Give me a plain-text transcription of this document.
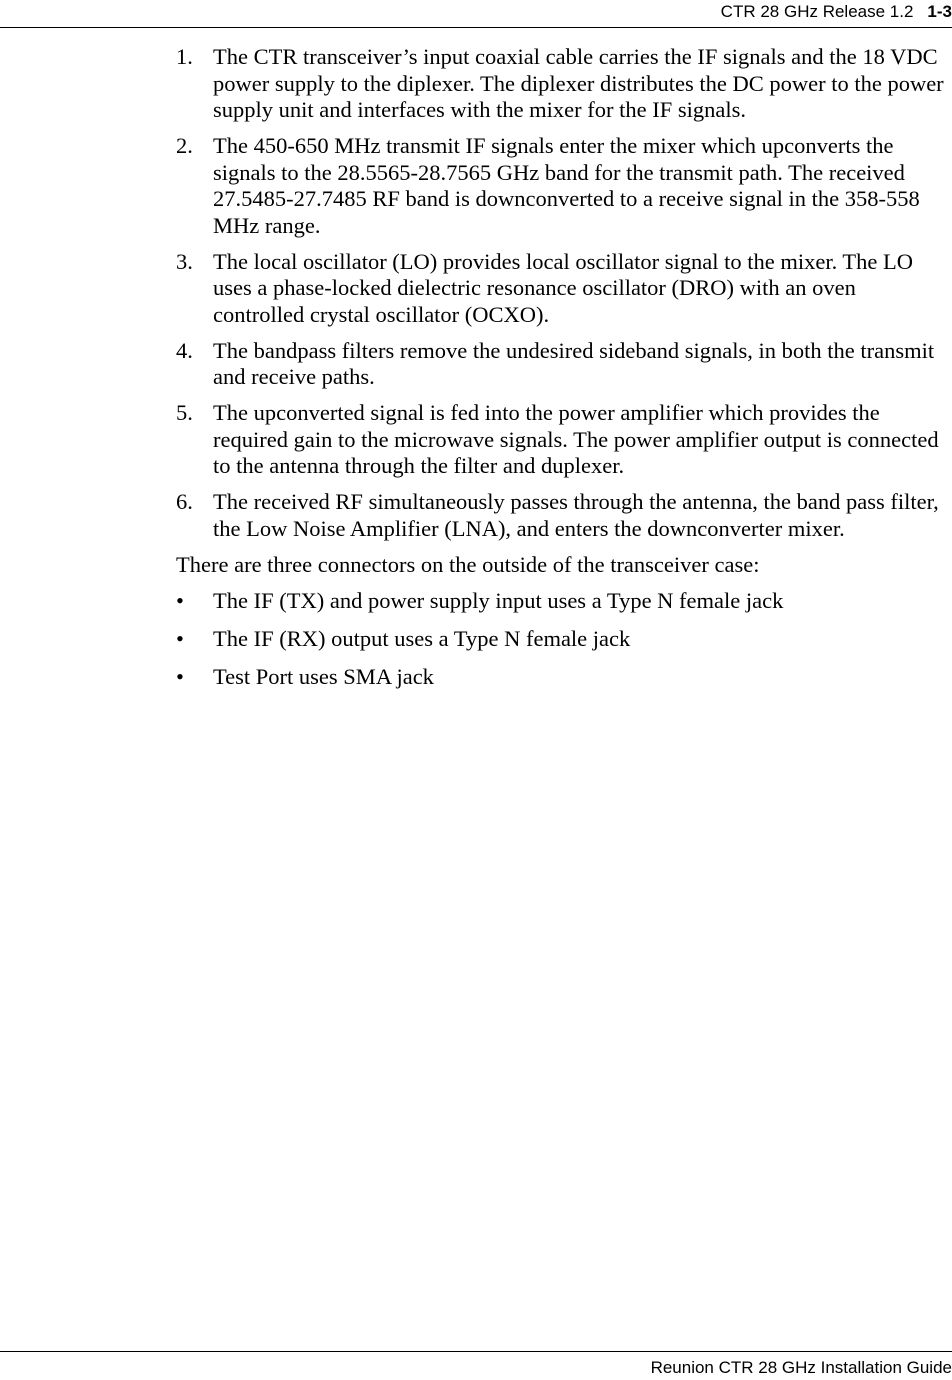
CTR 28 GHz Release 1.2 1-3
1. The CTR transceiver’s input coaxial cable carries the IF signals and the 18 VDC power supply to the diplexer. The diplexer distributes the DC power to the power supply unit and interfaces with the mixer for the IF signals.
2. The 450-650 MHz transmit IF signals enter the mixer which upconverts the signals to the 28.5565-28.7565 GHz band for the transmit path. The received 27.5485-27.7485 RF band is downconverted to a receive signal in the 358-558 MHz range.
3. The local oscillator (LO) provides local oscillator signal to the mixer. The LO uses a phase-locked dielectric resonance oscillator (DRO) with an oven controlled crystal oscillator (OCXO).
4. The bandpass filters remove the undesired sideband signals, in both the transmit and receive paths.
5. The upconverted signal is fed into the power amplifier which provides the required gain to the microwave signals. The power amplifier output is connected to the antenna through the filter and duplexer.
6. The received RF simultaneously passes through the antenna, the band pass filter, the Low Noise Amplifier (LNA), and enters the downconverter mixer.
There are three connectors on the outside of the transceiver case:
•	The IF (TX) and power supply input uses a Type N female jack
•	The IF (RX) output uses a Type N female jack
•	Test Port uses SMA jack
Reunion CTR 28 GHz Installation Guide
